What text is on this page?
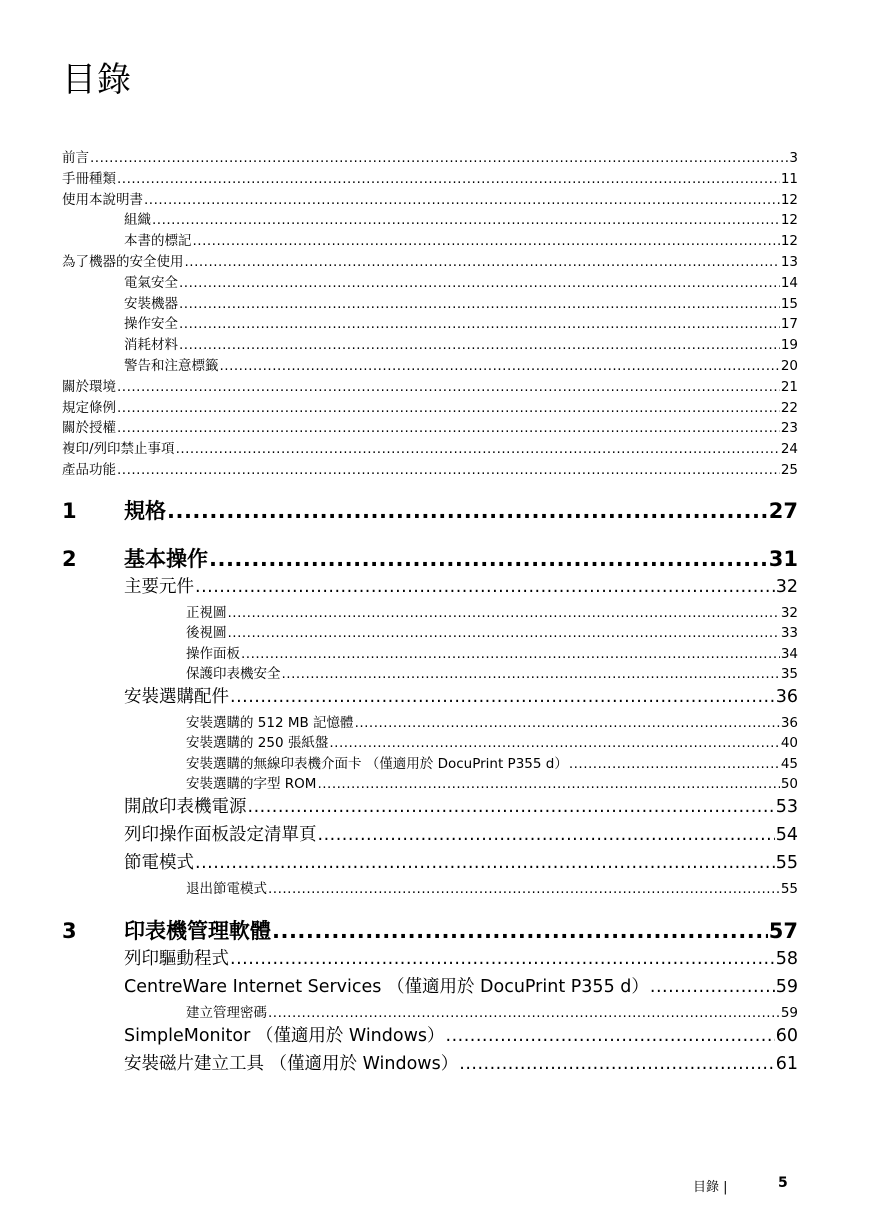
目錄
前言 .....	3
手冊種類 .....	11
使用本說明書 .....	12
組織 .....	12
本書的標記 .....	12
為了機器的安全使用 .....	13
電氣安全 .....	14
安裝機器 .....	15
操作安全 .....	17
消耗材料 .....	19
警告和注意標籤 .....	20
關於環境 .....	21
規定條例 .....	22
關於授權 .....	23
複印/列印禁止事項 .....	24
產品功能 .....	25
1	規格 .....	27
2	基本操作 .....	31
主要元件 .....	32
正視圖 .....	32
後視圖 .....	33
操作面板 .....	34
保護印表機安全 .....	35
安裝選購配件 .....	36
安裝選購的 512 MB 記憶體 .....	36
安裝選購的 250 張紙盤 .....	40
安裝選購的無線印表機介面卡 （僅適用於 DocuPrint P355 d） .....	45
安裝選購的字型 ROM .....	50
開啟印表機電源 .....	53
列印操作面板設定清單頁 .....	54
節電模式 .....	55
退出節電模式 .....	55
3	印表機管理軟體 .....	57
列印驅動程式 .....	58
CentreWare Internet Services （僅適用於 DocuPrint P355 d） .....	59
建立管理密碼 .....	59
SimpleMonitor （僅適用於 Windows） .....	60
安裝磁片建立工具 （僅適用於 Windows） .....	61
目錄 |	5
